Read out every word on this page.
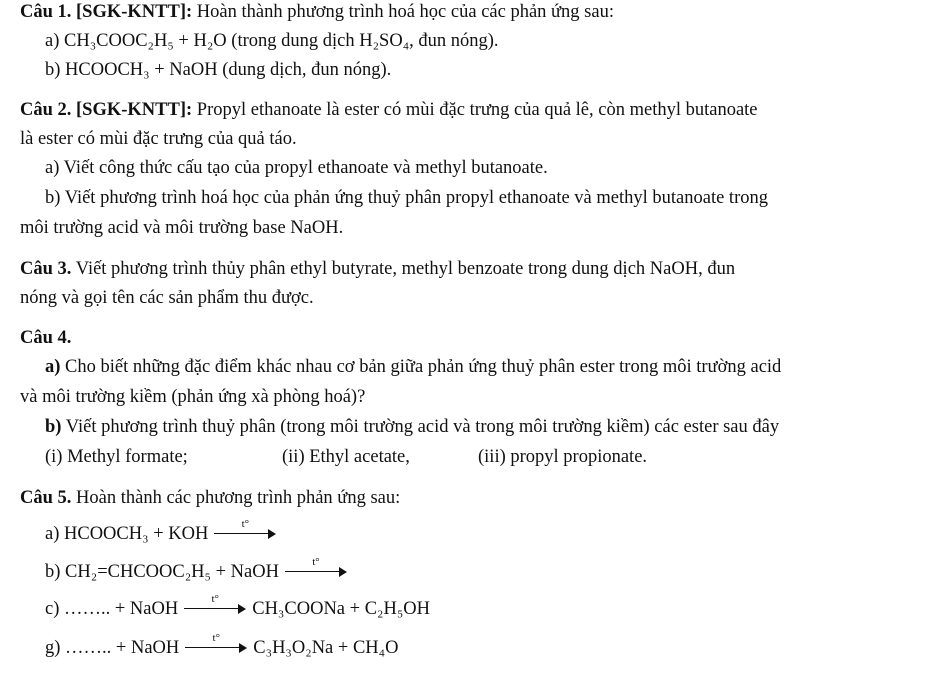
Câu 1. [SGK-KNTT]: Hoàn thành phương trình hoá học của các phản ứng sau:
a) CH₃COOC₂H₅ + H₂O (trong dung dịch H₂SO₄, đun nóng).
b) HCOOCH₃ + NaOH (dung dịch, đun nóng).
Câu 2. [SGK-KNTT]: Propyl ethanoate là ester có mùi đặc trưng của quả lê, còn methyl butanoate
là ester có mùi đặc trưng của quả táo.
a) Viết công thức cấu tạo của propyl ethanoate và methyl butanoate.
b) Viết phương trình hoá học của phản ứng thuỷ phân propyl ethanoate và methyl butanoate trong
môi trường acid và môi trường base NaOH.
Câu 3. Viết phương trình thủy phân ethyl butyrate, methyl benzoate trong dung dịch NaOH, đun
nóng và gọi tên các sản phẩm thu được.
Câu 4.
a) Cho biết những đặc điểm khác nhau cơ bản giữa phản ứng thuỷ phân ester trong môi trường acid
và môi trường kiềm (phản ứng xà phòng hoá)?
b) Viết phương trình thuỷ phân (trong môi trường acid và trong môi trường kiềm) các ester sau đây
(i) Methyl formate;	(ii) Ethyl acetate,	(iii) propyl propionate.
Câu 5. Hoàn thành các phương trình phản ứng sau:
a) HCOOCH₃ + KOH	t°
b) CH₂=CHCOOC₂H₅ + NaOH	t°
c) …….. + NaOH	t°	CH₃COONa + C₂H₅OH
g) …….. + NaOH	t°	C₃H₃O₂Na + CH₄O
